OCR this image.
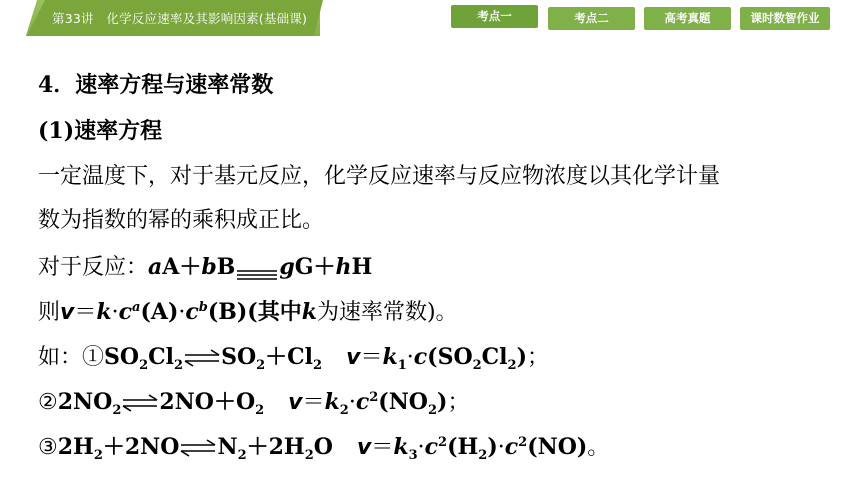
第33讲　化学反应速率及其影响因素(基础课)	考点一	考点二	高考真题	课时数智作业
4．速率方程与速率常数
(1)速率方程
一定温度下，对于基元反应，化学反应速率与反应物浓度以其化学计量
数为指数的幂的乘积成正比。
对于反应：aA＋bB gG＋hH
则$v=k\cdot c^a(A)\cdot c^b(B)$(其中k为速率常数)。
如：$①SO_2Cl_2\rightleftharpoons SO_2+Cl_2$ $v=k_1\cdot c(SO_2Cl_2)$；
$②2NO_2\rightleftharpoons 2NO+O_2$ $v=k_2\cdot c^2(NO_2)$；
$③2H_2+2NO\rightleftharpoons N_2+2H_2O$ $v=k_3\cdot c^2(H_2)\cdot c^2(NO)$。
